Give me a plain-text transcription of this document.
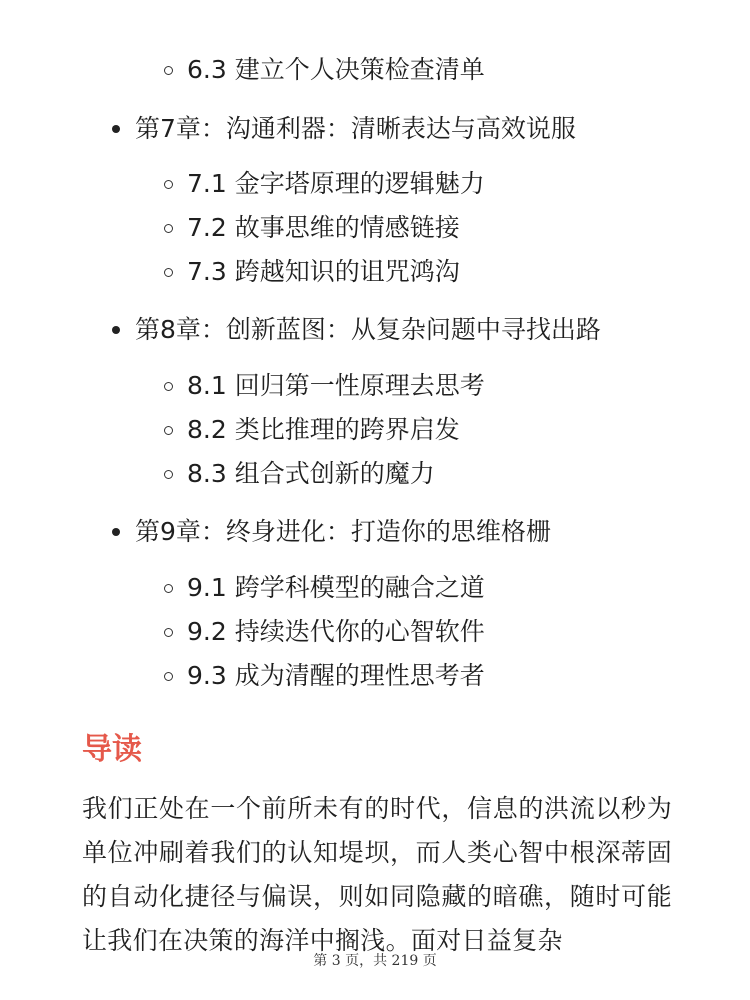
6.3 建立个人决策检查清单
第7章：沟通利器：清晰表达与高效说服
7.1 金字塔原理的逻辑魅力
7.2 故事思维的情感链接
7.3 跨越知识的诅咒鸿沟
第8章：创新蓝图：从复杂问题中寻找出路
8.1 回归第一性原理去思考
8.2 类比推理的跨界启发
8.3 组合式创新的魔力
第9章：终身进化：打造你的思维格栅
9.1 跨学科模型的融合之道
9.2 持续迭代你的心智软件
9.3 成为清醒的理性思考者
导读
我们正处在一个前所未有的时代，信息的洪流以秒为单位冲刷着我们的认知堤坝，而人类心智中根深蒂固的自动化捷径与偏误，则如同隐藏的暗礁，随时可能让我们在决策的海洋中搁浅。面对日益复杂
第 3 页，共 219 页
